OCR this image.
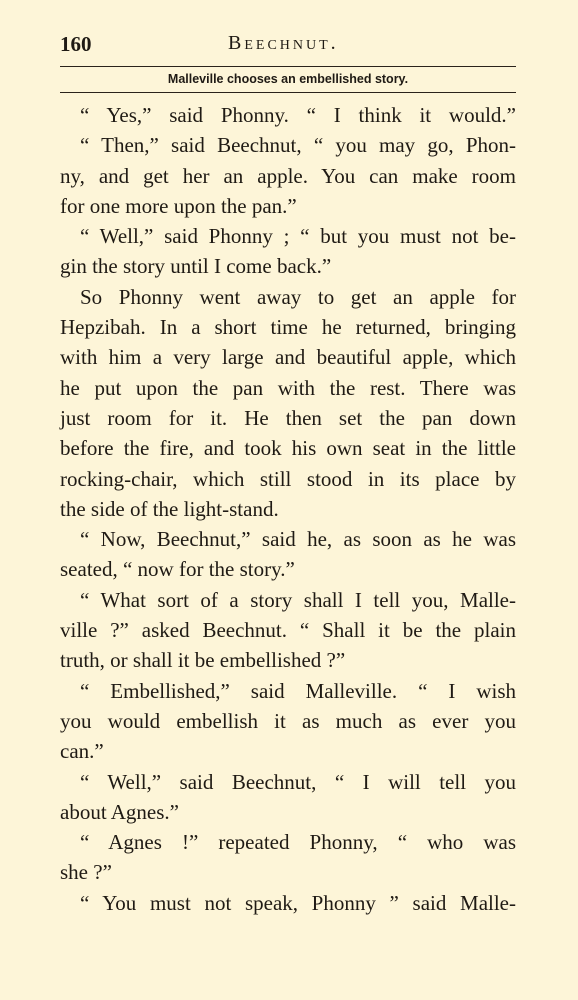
160	Beechnut.
Malleville chooses an embellished story.
“ Yes,” said Phonny. “ I think it would.”
“ Then,” said Beechnut, “ you may go, Phon-
ny, and get her an apple. You can make room
for one more upon the pan.”
“ Well,” said Phonny ; “ but you must not be-
gin the story until I come back.”
So Phonny went away to get an apple for
Hepzibah. In a short time he returned, bringing
with him a very large and beautiful apple, which
he put upon the pan with the rest. There was
just room for it. He then set the pan down
before the fire, and took his own seat in the little
rocking-chair, which still stood in its place by
the side of the light-stand.
“ Now, Beechnut,” said he, as soon as he was
seated, “ now for the story.”
“ What sort of a story shall I tell you, Malle-
ville ?” asked Beechnut. “ Shall it be the plain
truth, or shall it be embellished ?”
“ Embellished,” said Malleville. “ I wish
you would embellish it as much as ever you
can.”
“ Well,” said Beechnut, “ I will tell you
about Agnes.”
“ Agnes !” repeated Phonny, “ who was
she ?”
“ You must not speak, Phonny ” said Malle-
